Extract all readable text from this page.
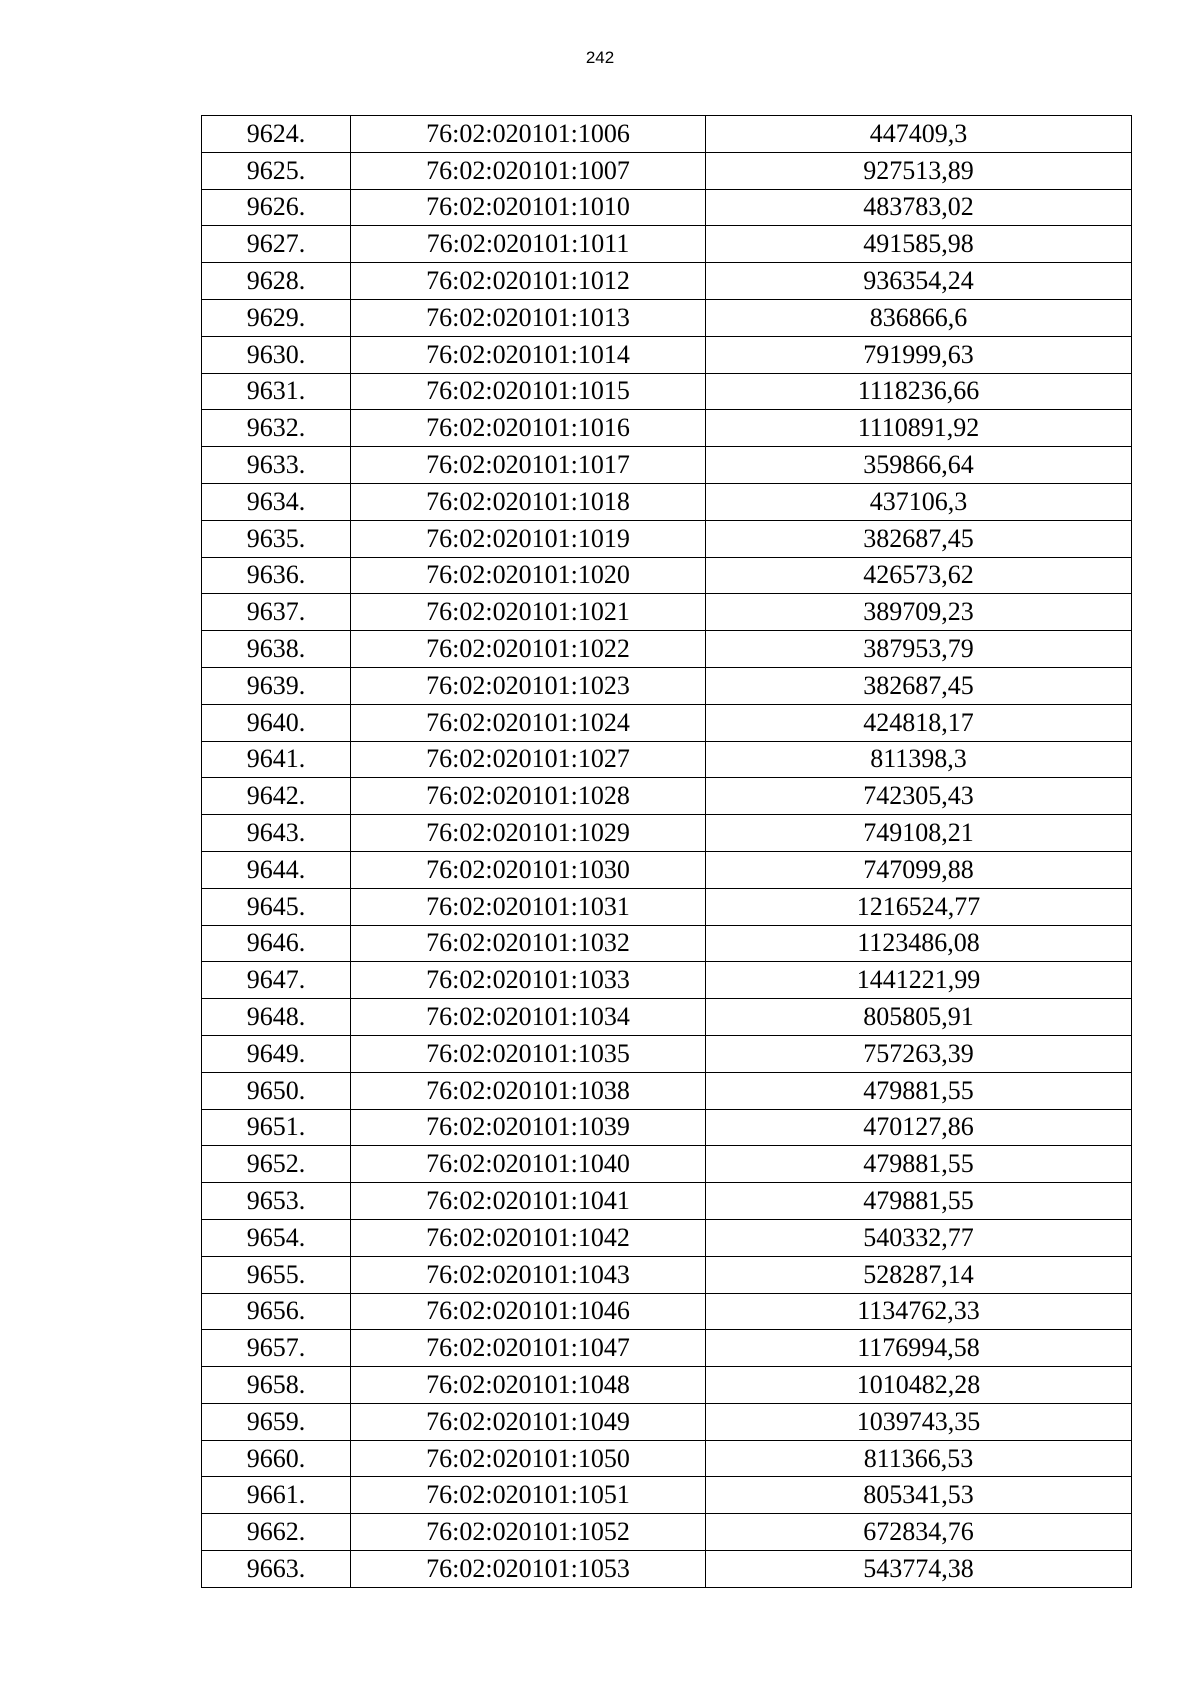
242
9624.	76:02:020101:1006	447409,3
9625.	76:02:020101:1007	927513,89
9626.	76:02:020101:1010	483783,02
9627.	76:02:020101:1011	491585,98
9628.	76:02:020101:1012	936354,24
9629.	76:02:020101:1013	836866,6
9630.	76:02:020101:1014	791999,63
9631.	76:02:020101:1015	1118236,66
9632.	76:02:020101:1016	1110891,92
9633.	76:02:020101:1017	359866,64
9634.	76:02:020101:1018	437106,3
9635.	76:02:020101:1019	382687,45
9636.	76:02:020101:1020	426573,62
9637.	76:02:020101:1021	389709,23
9638.	76:02:020101:1022	387953,79
9639.	76:02:020101:1023	382687,45
9640.	76:02:020101:1024	424818,17
9641.	76:02:020101:1027	811398,3
9642.	76:02:020101:1028	742305,43
9643.	76:02:020101:1029	749108,21
9644.	76:02:020101:1030	747099,88
9645.	76:02:020101:1031	1216524,77
9646.	76:02:020101:1032	1123486,08
9647.	76:02:020101:1033	1441221,99
9648.	76:02:020101:1034	805805,91
9649.	76:02:020101:1035	757263,39
9650.	76:02:020101:1038	479881,55
9651.	76:02:020101:1039	470127,86
9652.	76:02:020101:1040	479881,55
9653.	76:02:020101:1041	479881,55
9654.	76:02:020101:1042	540332,77
9655.	76:02:020101:1043	528287,14
9656.	76:02:020101:1046	1134762,33
9657.	76:02:020101:1047	1176994,58
9658.	76:02:020101:1048	1010482,28
9659.	76:02:020101:1049	1039743,35
9660.	76:02:020101:1050	811366,53
9661.	76:02:020101:1051	805341,53
9662.	76:02:020101:1052	672834,76
9663.	76:02:020101:1053	543774,38
